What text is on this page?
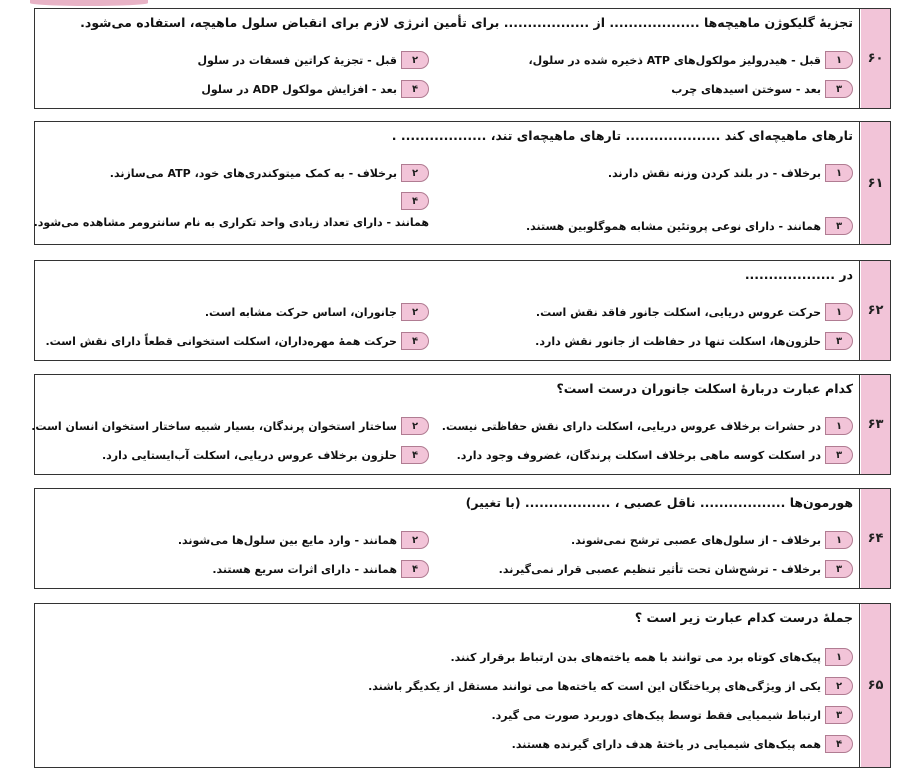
تجزیهٔ گلیکوژن ماهیچه‌ها ................... از .................. برای تأمین انرژی لازم برای انقباض سلول ماهیچه، استفاده می‌شود.
۱
قبل - هیدرولیز مولکول‌های ATP ذخیره شده در سلول،
۲
قبل - تجزیهٔ کراتین فسفات در سلول
۳
بعد - سوختن اسیدهای چرب
۴
بعد - افزایش مولکول ADP در سلول
۶۰
تارهای ماهیچه‌ای کند .................... تارهای ماهیچه‌ای تند، .................. .
۱
برخلاف - در بلند کردن وزنه نقش دارند.
۲
برخلاف - به کمک میتوکندری‌های خود، ATP می‌سازند.
۳
همانند - دارای نوعی پروتئین مشابه هموگلوبین هستند.
۴
همانند - دارای تعداد زیادی واحد تکراری به نام سانترومر مشاهده می‌شود.
۶۱
در ...................
۱
حرکت عروس دریایی، اسکلت جانور فاقد نقش است.
۲
جانوران، اساس حرکت مشابه است.
۳
حلزون‌ها، اسکلت تنها در حفاظت از جانور نقش دارد.
۴
حرکت همهٔ مهره‌داران، اسکلت استخوانی قطعاً دارای نقش است.
۶۲
کدام عبارت دربارهٔ اسکلت جانوران درست است؟
۱
در حشرات برخلاف عروس دریایی، اسکلت دارای نقش حفاظتی نیست.
۲
ساختار استخوان پرندگان، بسیار شبیه ساختار استخوان انسان است.
۳
در اسکلت کوسه ماهی برخلاف اسکلت پرندگان، غضروف وجود دارد.
۴
حلزون برخلاف عروس دریایی، اسکلت آب‌ایستایی دارد.
۶۳
هورمون‌ها .................. ناقل عصبی ، .................. (با تغییر)
۱
برخلاف - از سلول‌های عصبی ترشح نمی‌شوند.
۲
همانند - وارد مایع بین سلول‌ها می‌شوند.
۳
برخلاف - ترشح‌شان تحت تأثیر تنظیم عصبی قرار نمی‌گیرند.
۴
همانند - دارای اثرات سریع هستند.
۶۴
جملهٔ درست کدام عبارت زیر است ؟
۱
پیک‌های کوتاه برد می توانند با همه یاخته‌های بدن ارتباط برقرار کنند.
۲
یکی از ویژگی‌های پریاختگان این است که یاخته‌ها می توانند مستقل از یکدیگر باشند.
۳
ارتباط شیمیایی فقط توسط پیک‌های دوربرد صورت می گیرد.
۴
همه پیک‌های شیمیایی در یاختهٔ هدف دارای گیرنده هستند.
۶۵
